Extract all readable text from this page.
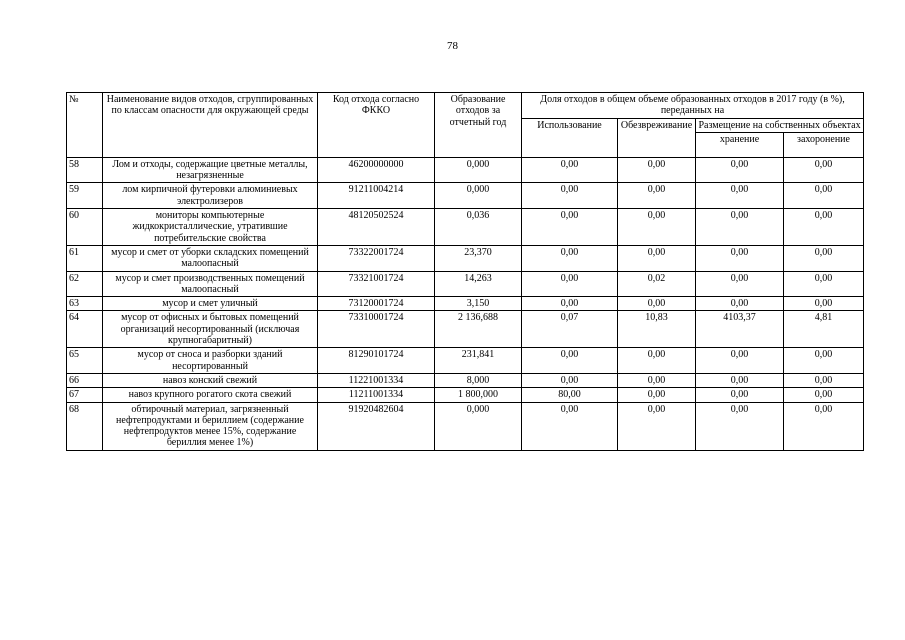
78
№	Наименование видов отходов, сгруппированных по классам опасности для окружающей среды	Код отхода согласно ФККО	Образование отходов за отчетный год	Доля отходов в общем объеме образованных отходов в 2017 году (в %), переданных на			
				Использование	Обезвреживание	Размещение на собственных объектах	
						хранение	захоронение
58	Лом и отходы, содержащие цветные металлы, незагрязненные	46200000000	0,000	0,00	0,00	0,00	0,00
59	лом кирпичной футеровки алюминиевых электролизеров	91211004214	0,000	0,00	0,00	0,00	0,00
60	мониторы компьютерные жидкокристаллические, утратившие потребительские свойства	48120502524	0,036	0,00	0,00	0,00	0,00
61	мусор и смет от уборки складских помещений малоопасный	73322001724	23,370	0,00	0,00	0,00	0,00
62	мусор и смет производственных помещений малоопасный	73321001724	14,263	0,00	0,02	0,00	0,00
63	мусор и смет уличный	73120001724	3,150	0,00	0,00	0,00	0,00
64	мусор от офисных и бытовых помещений организаций несортированный (исключая крупногабаритный)	73310001724	2 136,688	0,07	10,83	4103,37	4,81
65	мусор от сноса и разборки зданий несортированный	81290101724	231,841	0,00	0,00	0,00	0,00
66	навоз конский свежий	11221001334	8,000	0,00	0,00	0,00	0,00
67	навоз крупного рогатого скота свежий	11211001334	1 800,000	80,00	0,00	0,00	0,00
68	обтирочный материал, загрязненный нефтепродуктами и бериллием (содержание нефтепродуктов менее 15%, содержание бериллия менее 1%)	91920482604	0,000	0,00	0,00	0,00	0,00
